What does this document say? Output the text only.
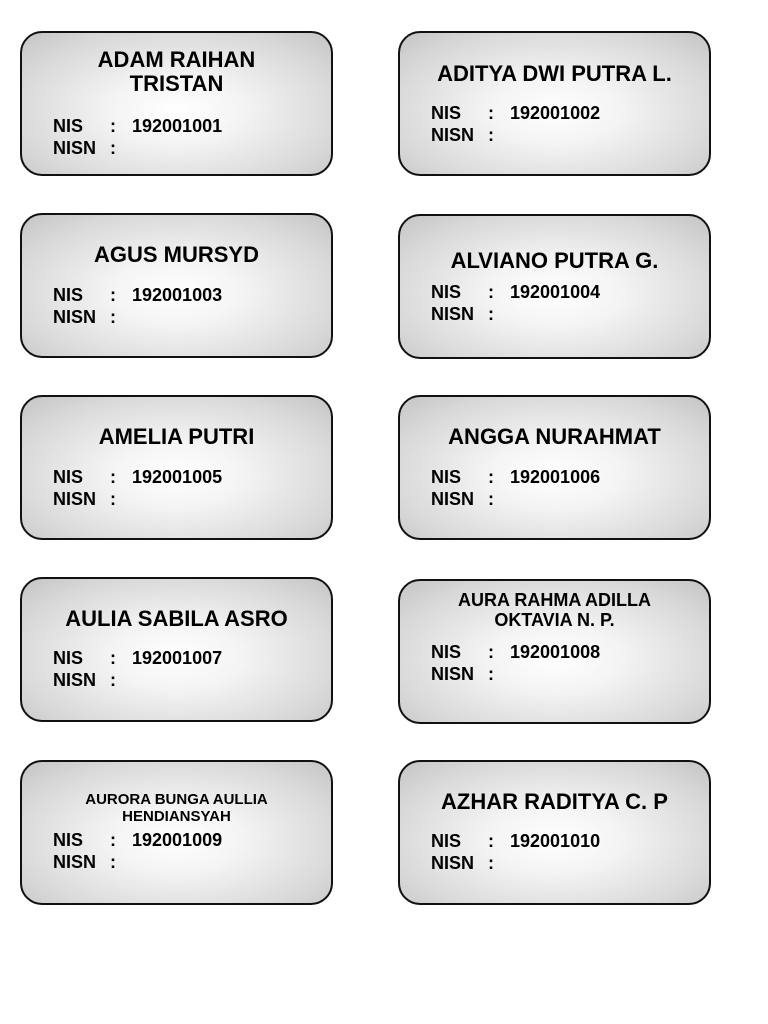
ADAM RAIHAN TRISTAN
NIS	: 192001001
NISN :
ADITYA DWI PUTRA L.
NIS	: 192001002
NISN :
AGUS MURSYD
NIS	: 192001003
NISN :
ALVIANO PUTRA G.
NIS	: 192001004
NISN :
AMELIA PUTRI
NIS	: 192001005
NISN :
ANGGA NURAHMAT
NIS	: 192001006
NISN :
AULIA SABILA ASRO
NIS	: 192001007
NISN :
AURA RAHMA ADILLA OKTAVIA N. P.
NIS	: 192001008
NISN :
AURORA BUNGA AULLIA HENDIANSYAH
NIS	: 192001009
NISN :
AZHAR RADITYA C. P
NIS	: 192001010
NISN :
